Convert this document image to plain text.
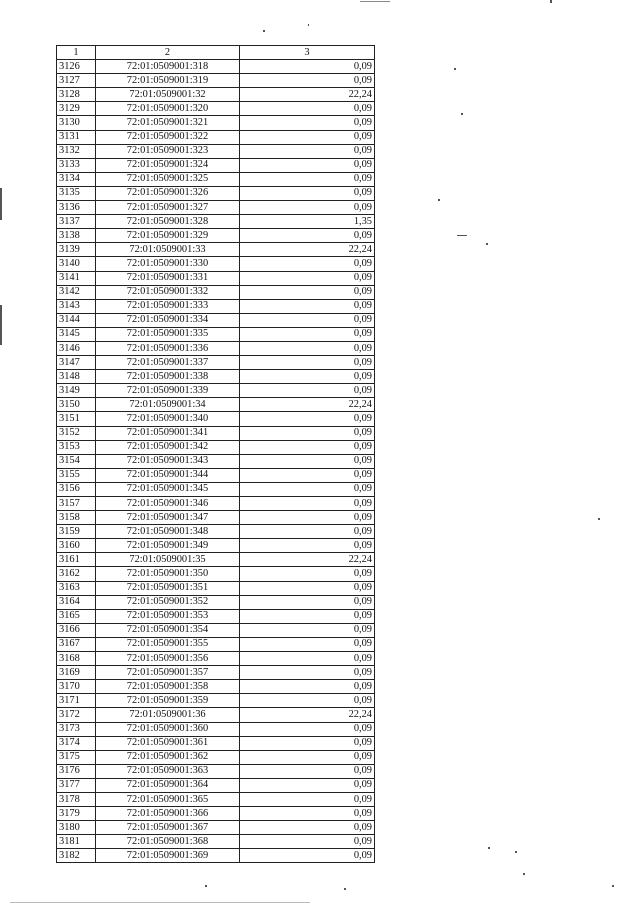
1	2	3
3126	72:01:0509001:318	0,09
3127	72:01:0509001:319	0,09
3128	72:01:0509001:32	22,24
3129	72:01:0509001:320	0,09
3130	72:01:0509001:321	0,09
3131	72:01:0509001:322	0,09
3132	72:01:0509001:323	0,09
3133	72:01:0509001:324	0,09
3134	72:01:0509001:325	0,09
3135	72:01:0509001:326	0,09
3136	72:01:0509001:327	0,09
3137	72:01:0509001:328	1,35
3138	72:01:0509001:329	0,09
3139	72:01:0509001:33	22,24
3140	72:01:0509001:330	0,09
3141	72:01:0509001:331	0,09
3142	72:01:0509001:332	0,09
3143	72:01:0509001:333	0,09
3144	72:01:0509001:334	0,09
3145	72:01:0509001:335	0,09
3146	72:01:0509001:336	0,09
3147	72:01:0509001:337	0,09
3148	72:01:0509001:338	0,09
3149	72:01:0509001:339	0,09
3150	72:01:0509001:34	22,24
3151	72:01:0509001:340	0,09
3152	72:01:0509001:341	0,09
3153	72:01:0509001:342	0,09
3154	72:01:0509001:343	0,09
3155	72:01:0509001:344	0,09
3156	72:01:0509001:345	0,09
3157	72:01:0509001:346	0,09
3158	72:01:0509001:347	0,09
3159	72:01:0509001:348	0,09
3160	72:01:0509001:349	0,09
3161	72:01:0509001:35	22,24
3162	72:01:0509001:350	0,09
3163	72:01:0509001:351	0,09
3164	72:01:0509001:352	0,09
3165	72:01:0509001:353	0,09
3166	72:01:0509001:354	0,09
3167	72:01:0509001:355	0,09
3168	72:01:0509001:356	0,09
3169	72:01:0509001:357	0,09
3170	72:01:0509001:358	0,09
3171	72:01:0509001:359	0,09
3172	72:01:0509001:36	22,24
3173	72:01:0509001:360	0,09
3174	72:01:0509001:361	0,09
3175	72:01:0509001:362	0,09
3176	72:01:0509001:363	0,09
3177	72:01:0509001:364	0,09
3178	72:01:0509001:365	0,09
3179	72:01:0509001:366	0,09
3180	72:01:0509001:367	0,09
3181	72:01:0509001:368	0,09
3182	72:01:0509001:369	0,09
